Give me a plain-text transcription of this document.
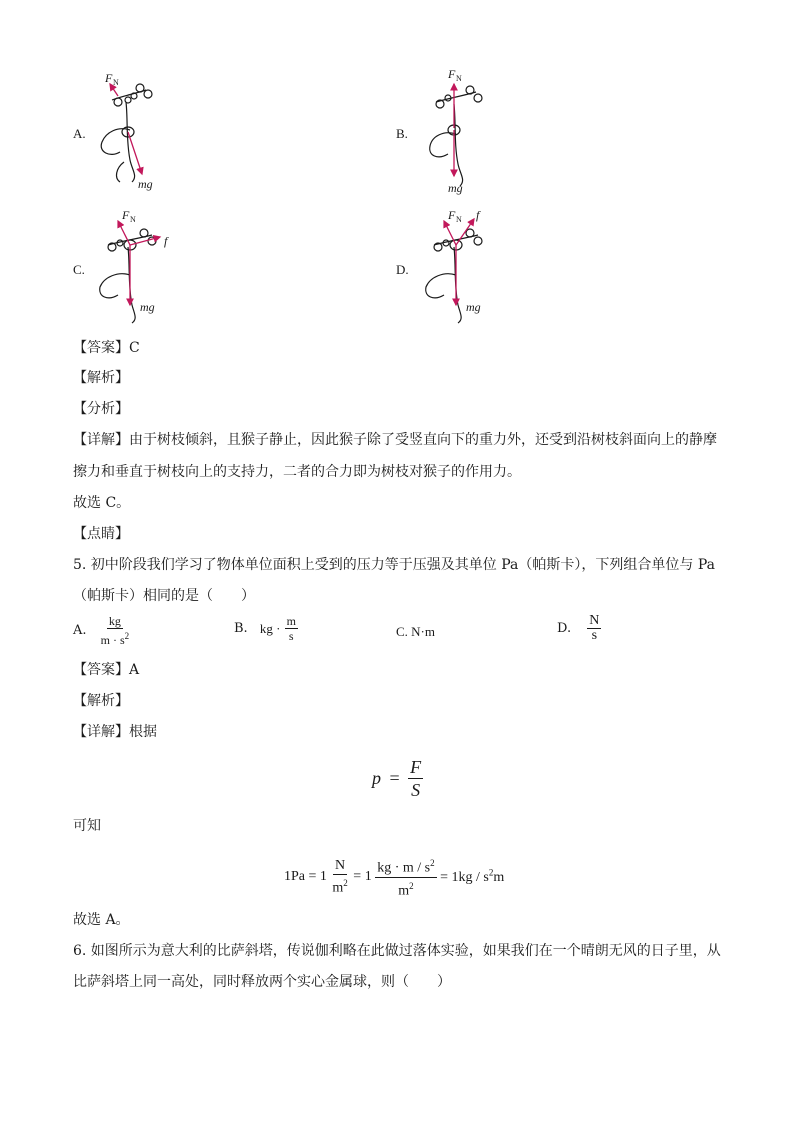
A.
F N
mg
B.
F N
mg
C.
F N
f
mg
D.
F N f
mg
【答案】C
【解析】
【分析】
【详解】由于树枝倾斜，且猴子静止，因此猴子除了受竖直向下的重力外，还受到沿树枝斜面向上的静摩
擦力和垂直于树枝向上的支持力，二者的合力即为树枝对猴子的作用力。
故选 C。
【点睛】
5. 初中阶段我们学习了物体单位面积上受到的压力等于压强及其单位 Pa（帕斯卡），下列组合单位与 Pa
（帕斯卡）相同的是（　　）
A. $\frac{kg}{m \cdot s^2}$	B. kg · $\frac{m}{s}$	C. N·m	D. $\frac{N}{s}$
【答案】A
【解析】
【详解】根据
$p = \frac{F}{S}$
可知
$1Pa = 1 \frac{N}{m^2} = 1 \frac{kg \cdot m / s^2}{m^2} = 1kg / s^2m$
故选 A。
6. 如图所示为意大利的比萨斜塔，传说伽利略在此做过落体实验，如果我们在一个晴朗无风的日子里，从
比萨斜塔上同一高处，同时释放两个实心金属球，则（　　）
